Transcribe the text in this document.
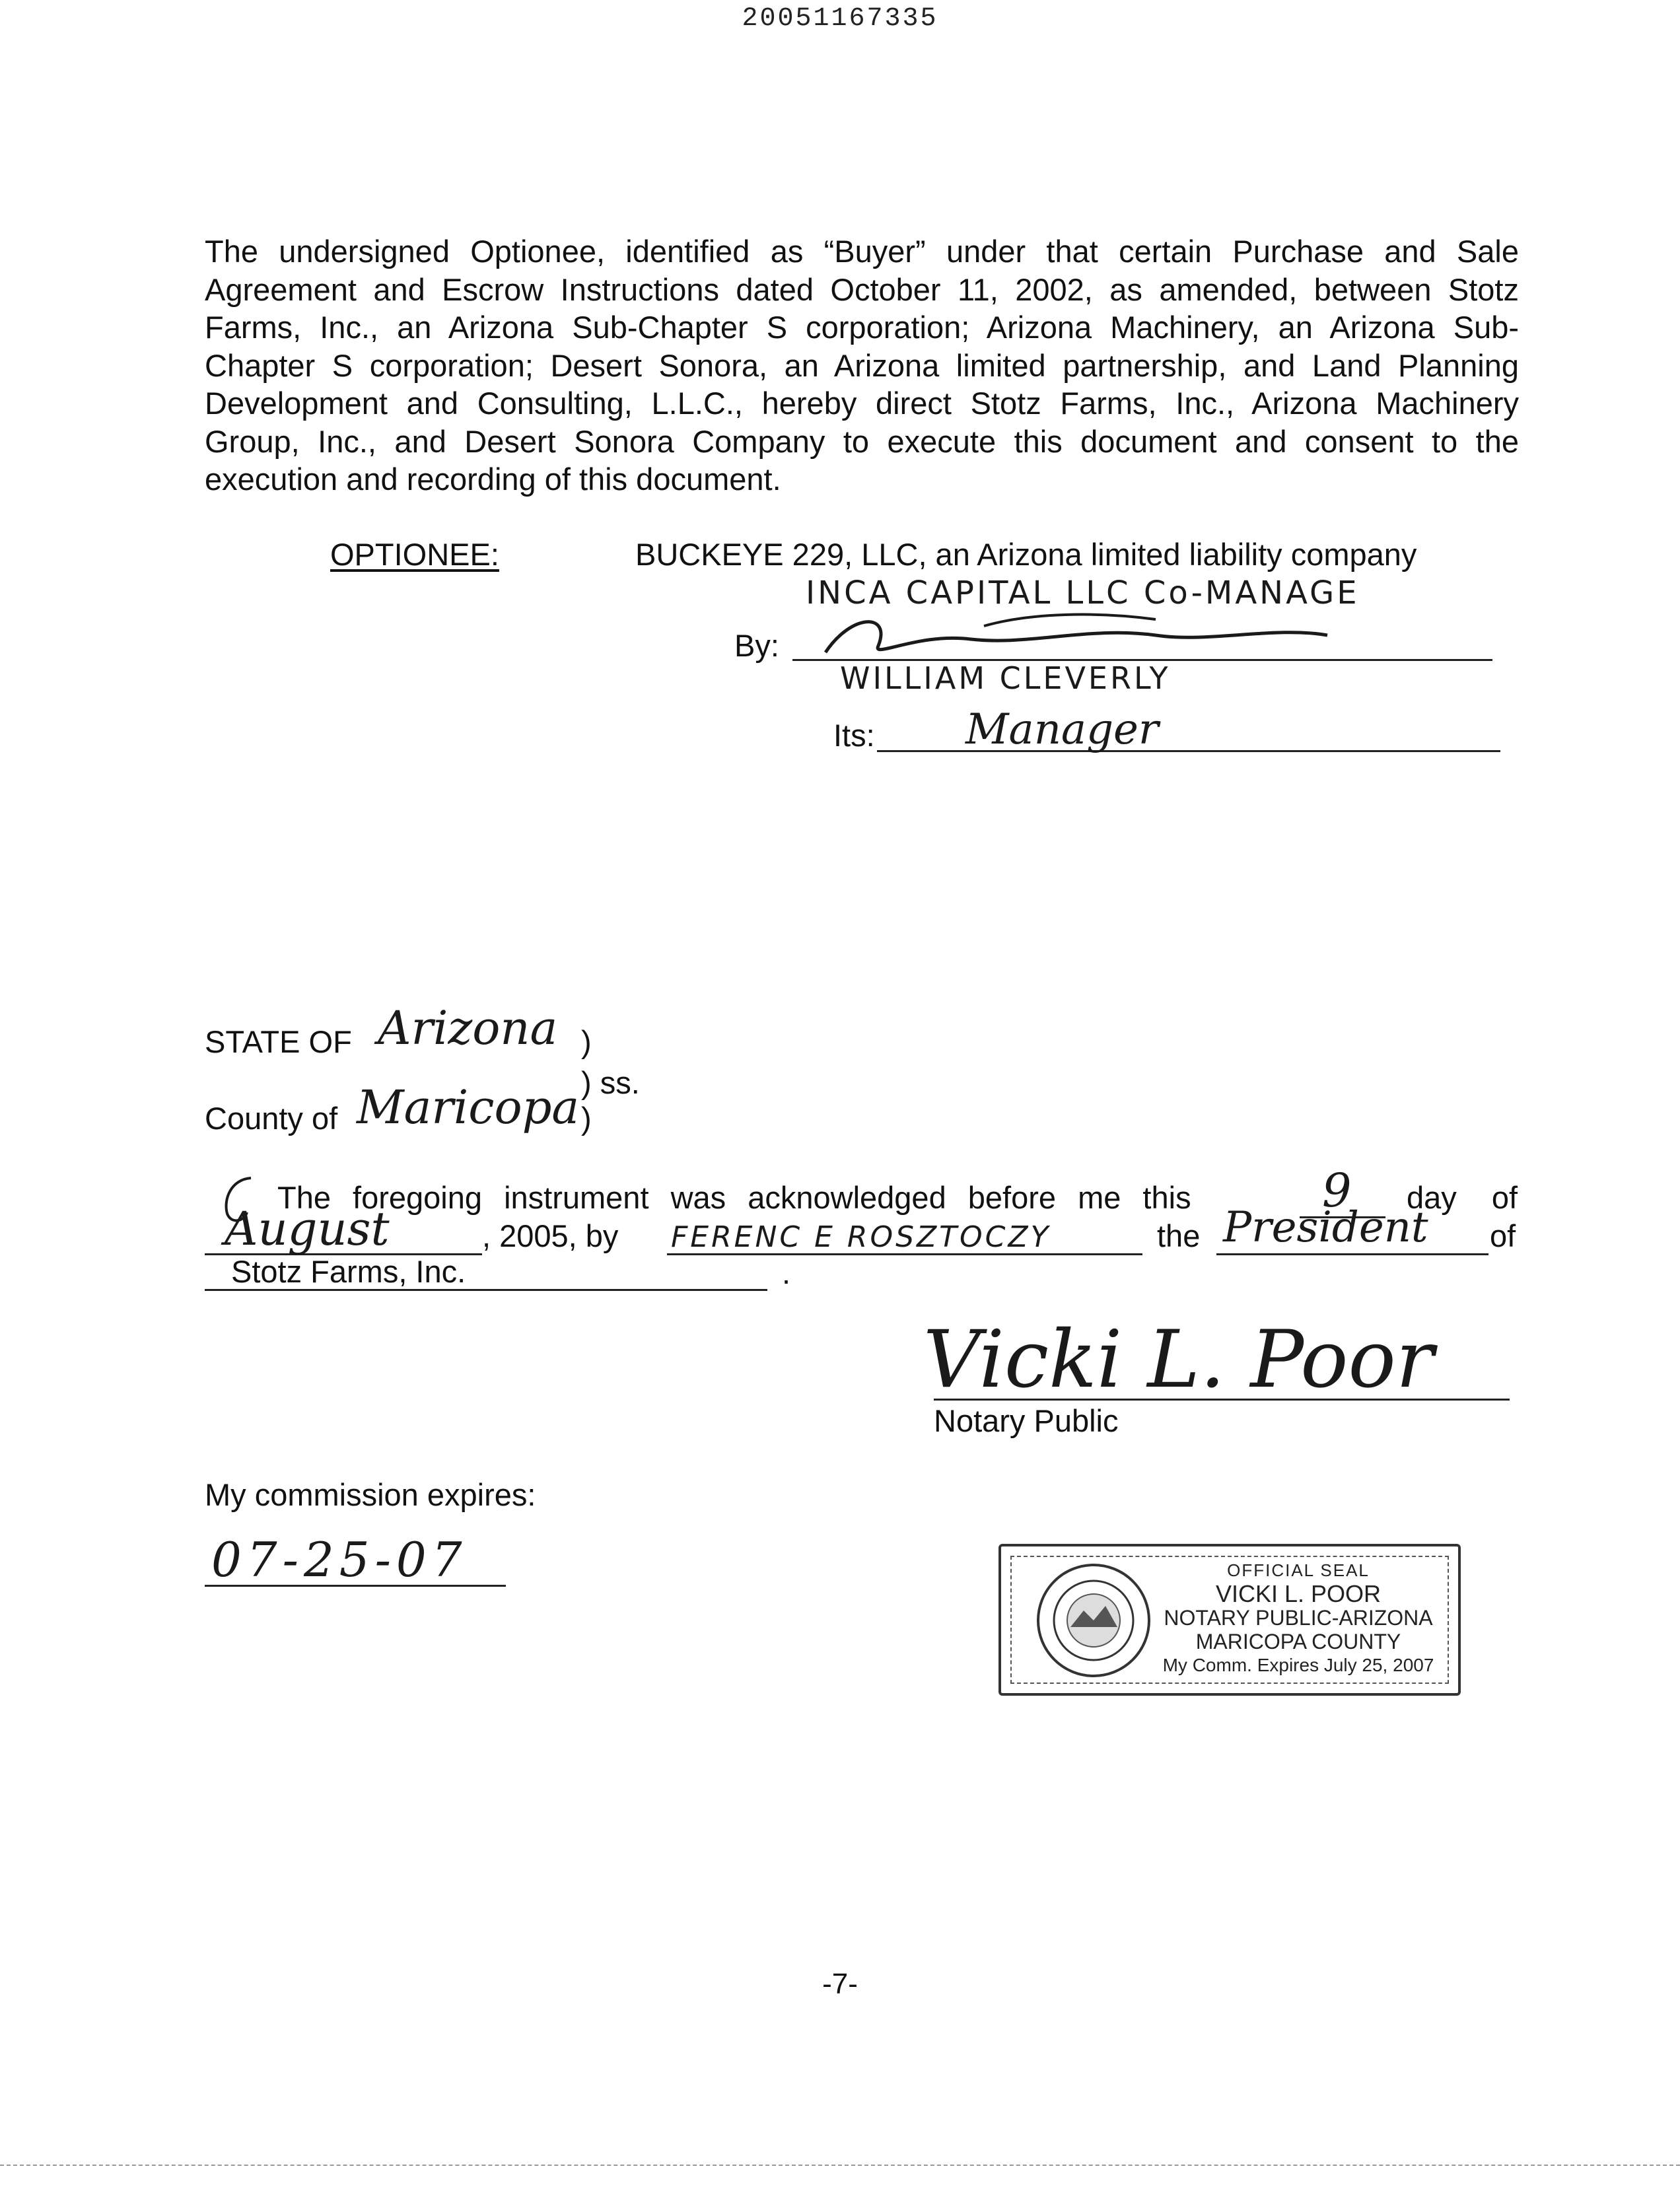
20051167335

The undersigned Optionee, identified as “Buyer” under that certain Purchase and Sale Agreement and Escrow Instructions dated October 11, 2002, as amended, between Stotz Farms, Inc., an Arizona Sub-Chapter S corporation; Arizona Machinery, an Arizona Sub-Chapter S corporation; Desert Sonora, an Arizona limited partnership, and Land Planning Development and Consulting, L.L.C., hereby direct Stotz Farms, Inc., Arizona Machinery Group, Inc., and Desert Sonora Company to execute this document and consent to the execution and recording of this document.

OPTIONEE:	BUCKEYE 229, LLC, an Arizona limited liability company
INCA CAPITAL LLC Co-MANAGE
By:
WILLIAM CLEVERLY
Its: Manager
STATE OF Arizona )
) ss.
County of Maricopa )
The foregoing instrument was acknowledged before me this	9 day of
August	, 2005, by FERENC E ROSZTOCZY	the President of
Stotz Farms, Inc.	.
Vicki L. Poor
Notary Public
My commission expires:
07-25-07	OFFICIAL SEAL
VICKI L. POOR
NOTARY PUBLIC-ARIZONA
MARICOPA COUNTY
My Comm. Expires July 25, 2007
-7-
